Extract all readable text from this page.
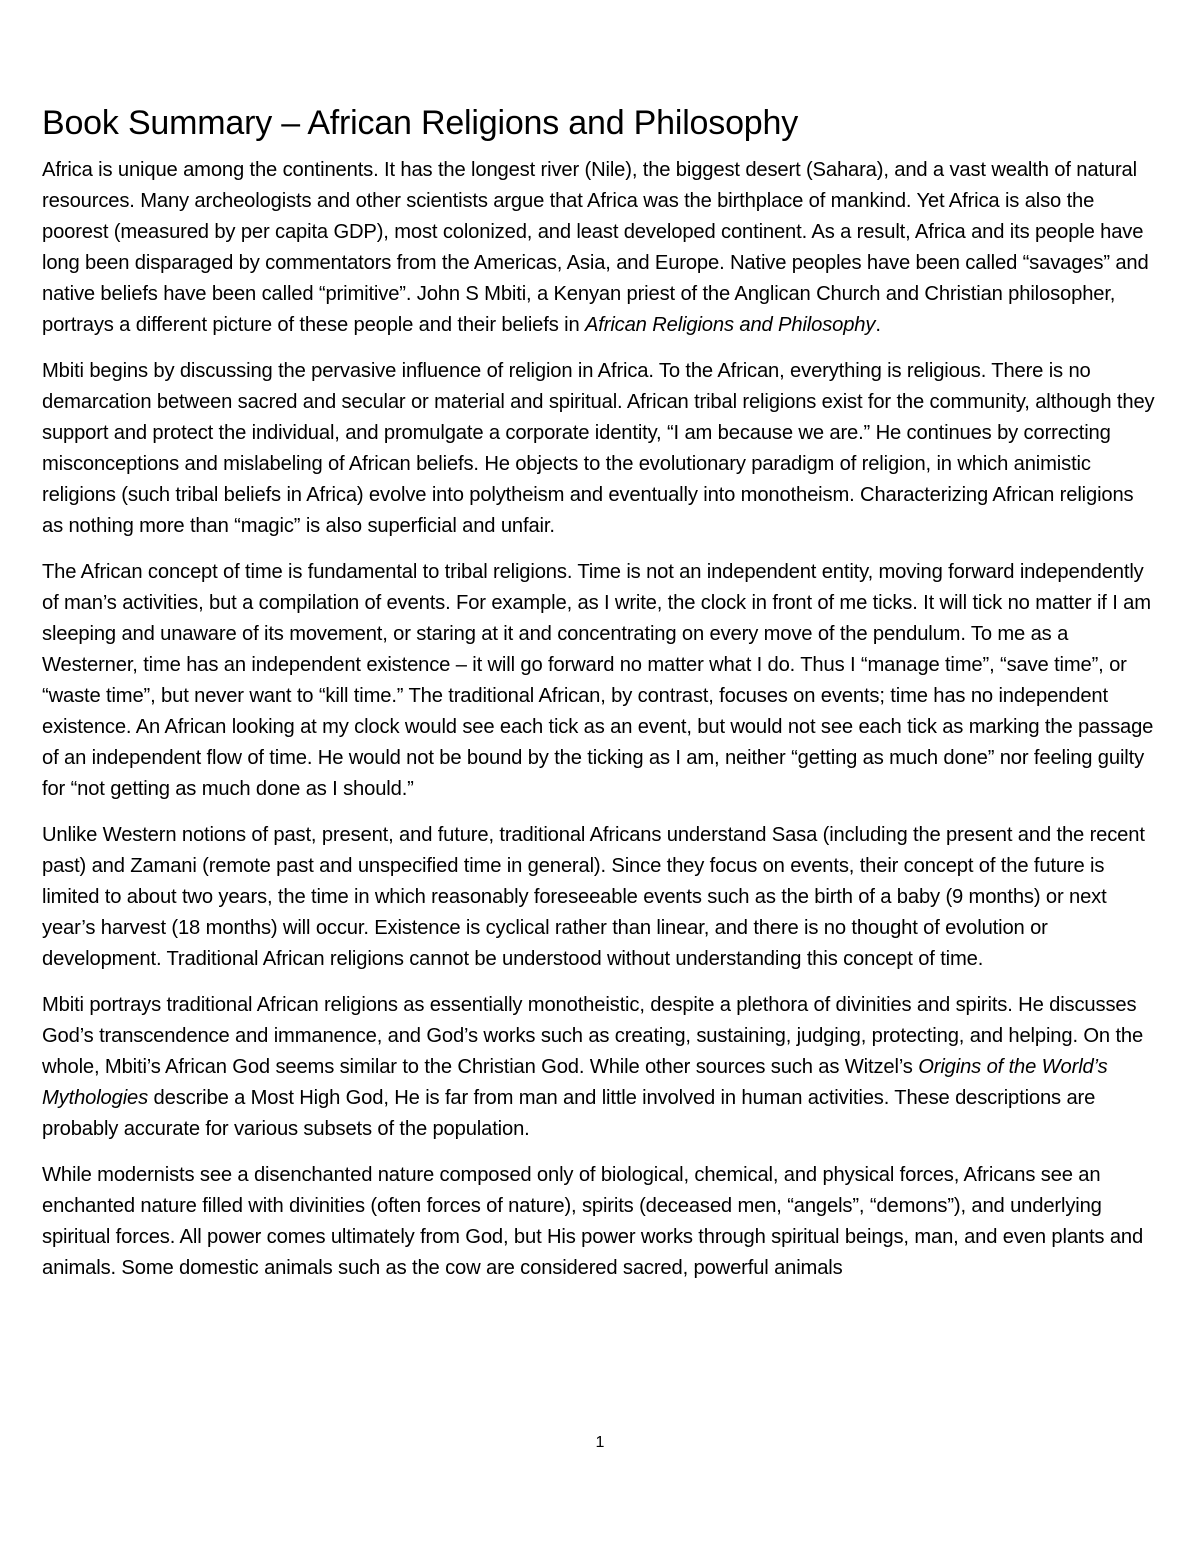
Book Summary – African Religions and Philosophy

Africa is unique among the continents. It has the longest river (Nile), the biggest desert (Sahara), and a vast wealth of natural resources. Many archeologists and other scientists argue that Africa was the birthplace of mankind. Yet Africa is also the poorest (measured by per capita GDP), most colonized, and least developed continent. As a result, Africa and its people have long been disparaged by commentators from the Americas, Asia, and Europe. Native peoples have been called “savages” and native beliefs have been called “primitive”. John S Mbiti, a Kenyan priest of the Anglican Church and Christian philosopher, portrays a different picture of these people and their beliefs in African Religions and Philosophy.

Mbiti begins by discussing the pervasive influence of religion in Africa. To the African, everything is religious. There is no demarcation between sacred and secular or material and spiritual. African tribal religions exist for the community, although they support and protect the individual, and promulgate a corporate identity, “I am because we are.” He continues by correcting misconceptions and mislabeling of African beliefs. He objects to the evolutionary paradigm of religion, in which animistic religions (such tribal beliefs in Africa) evolve into polytheism and eventually into monotheism. Characterizing African religions as nothing more than “magic” is also superficial and unfair.

The African concept of time is fundamental to tribal religions. Time is not an independent entity, moving forward independently of man’s activities, but a compilation of events. For example, as I write, the clock in front of me ticks. It will tick no matter if I am sleeping and unaware of its movement, or staring at it and concentrating on every move of the pendulum. To me as a Westerner, time has an independent existence – it will go forward no matter what I do. Thus I “manage time”, “save time”, or “waste time”, but never want to “kill time.” The traditional African, by contrast, focuses on events; time has no independent existence. An African looking at my clock would see each tick as an event, but would not see each tick as marking the passage of an independent flow of time. He would not be bound by the ticking as I am, neither “getting as much done” nor feeling guilty for “not getting as much done as I should.”

Unlike Western notions of past, present, and future, traditional Africans understand Sasa (including the present and the recent past) and Zamani (remote past and unspecified time in general). Since they focus on events, their concept of the future is limited to about two years, the time in which reasonably foreseeable events such as the birth of a baby (9 months) or next year’s harvest (18 months) will occur. Existence is cyclical rather than linear, and there is no thought of evolution or development. Traditional African religions cannot be understood without understanding this concept of time.

Mbiti portrays traditional African religions as essentially monotheistic, despite a plethora of divinities and spirits. He discusses God’s transcendence and immanence, and God’s works such as creating, sustaining, judging, protecting, and helping. On the whole, Mbiti’s African God seems similar to the Christian God. While other sources such as Witzel’s Origins of the World’s Mythologies describe a Most High God, He is far from man and little involved in human activities. These descriptions are probably accurate for various subsets of the population.

While modernists see a disenchanted nature composed only of biological, chemical, and physical forces, Africans see an enchanted nature filled with divinities (often forces of nature), spirits (deceased men, “angels”, “demons”), and underlying spiritual forces. All power comes ultimately from God, but His power works through spiritual beings, man, and even plants and animals. Some domestic animals such as the cow are considered sacred, powerful animals

1
